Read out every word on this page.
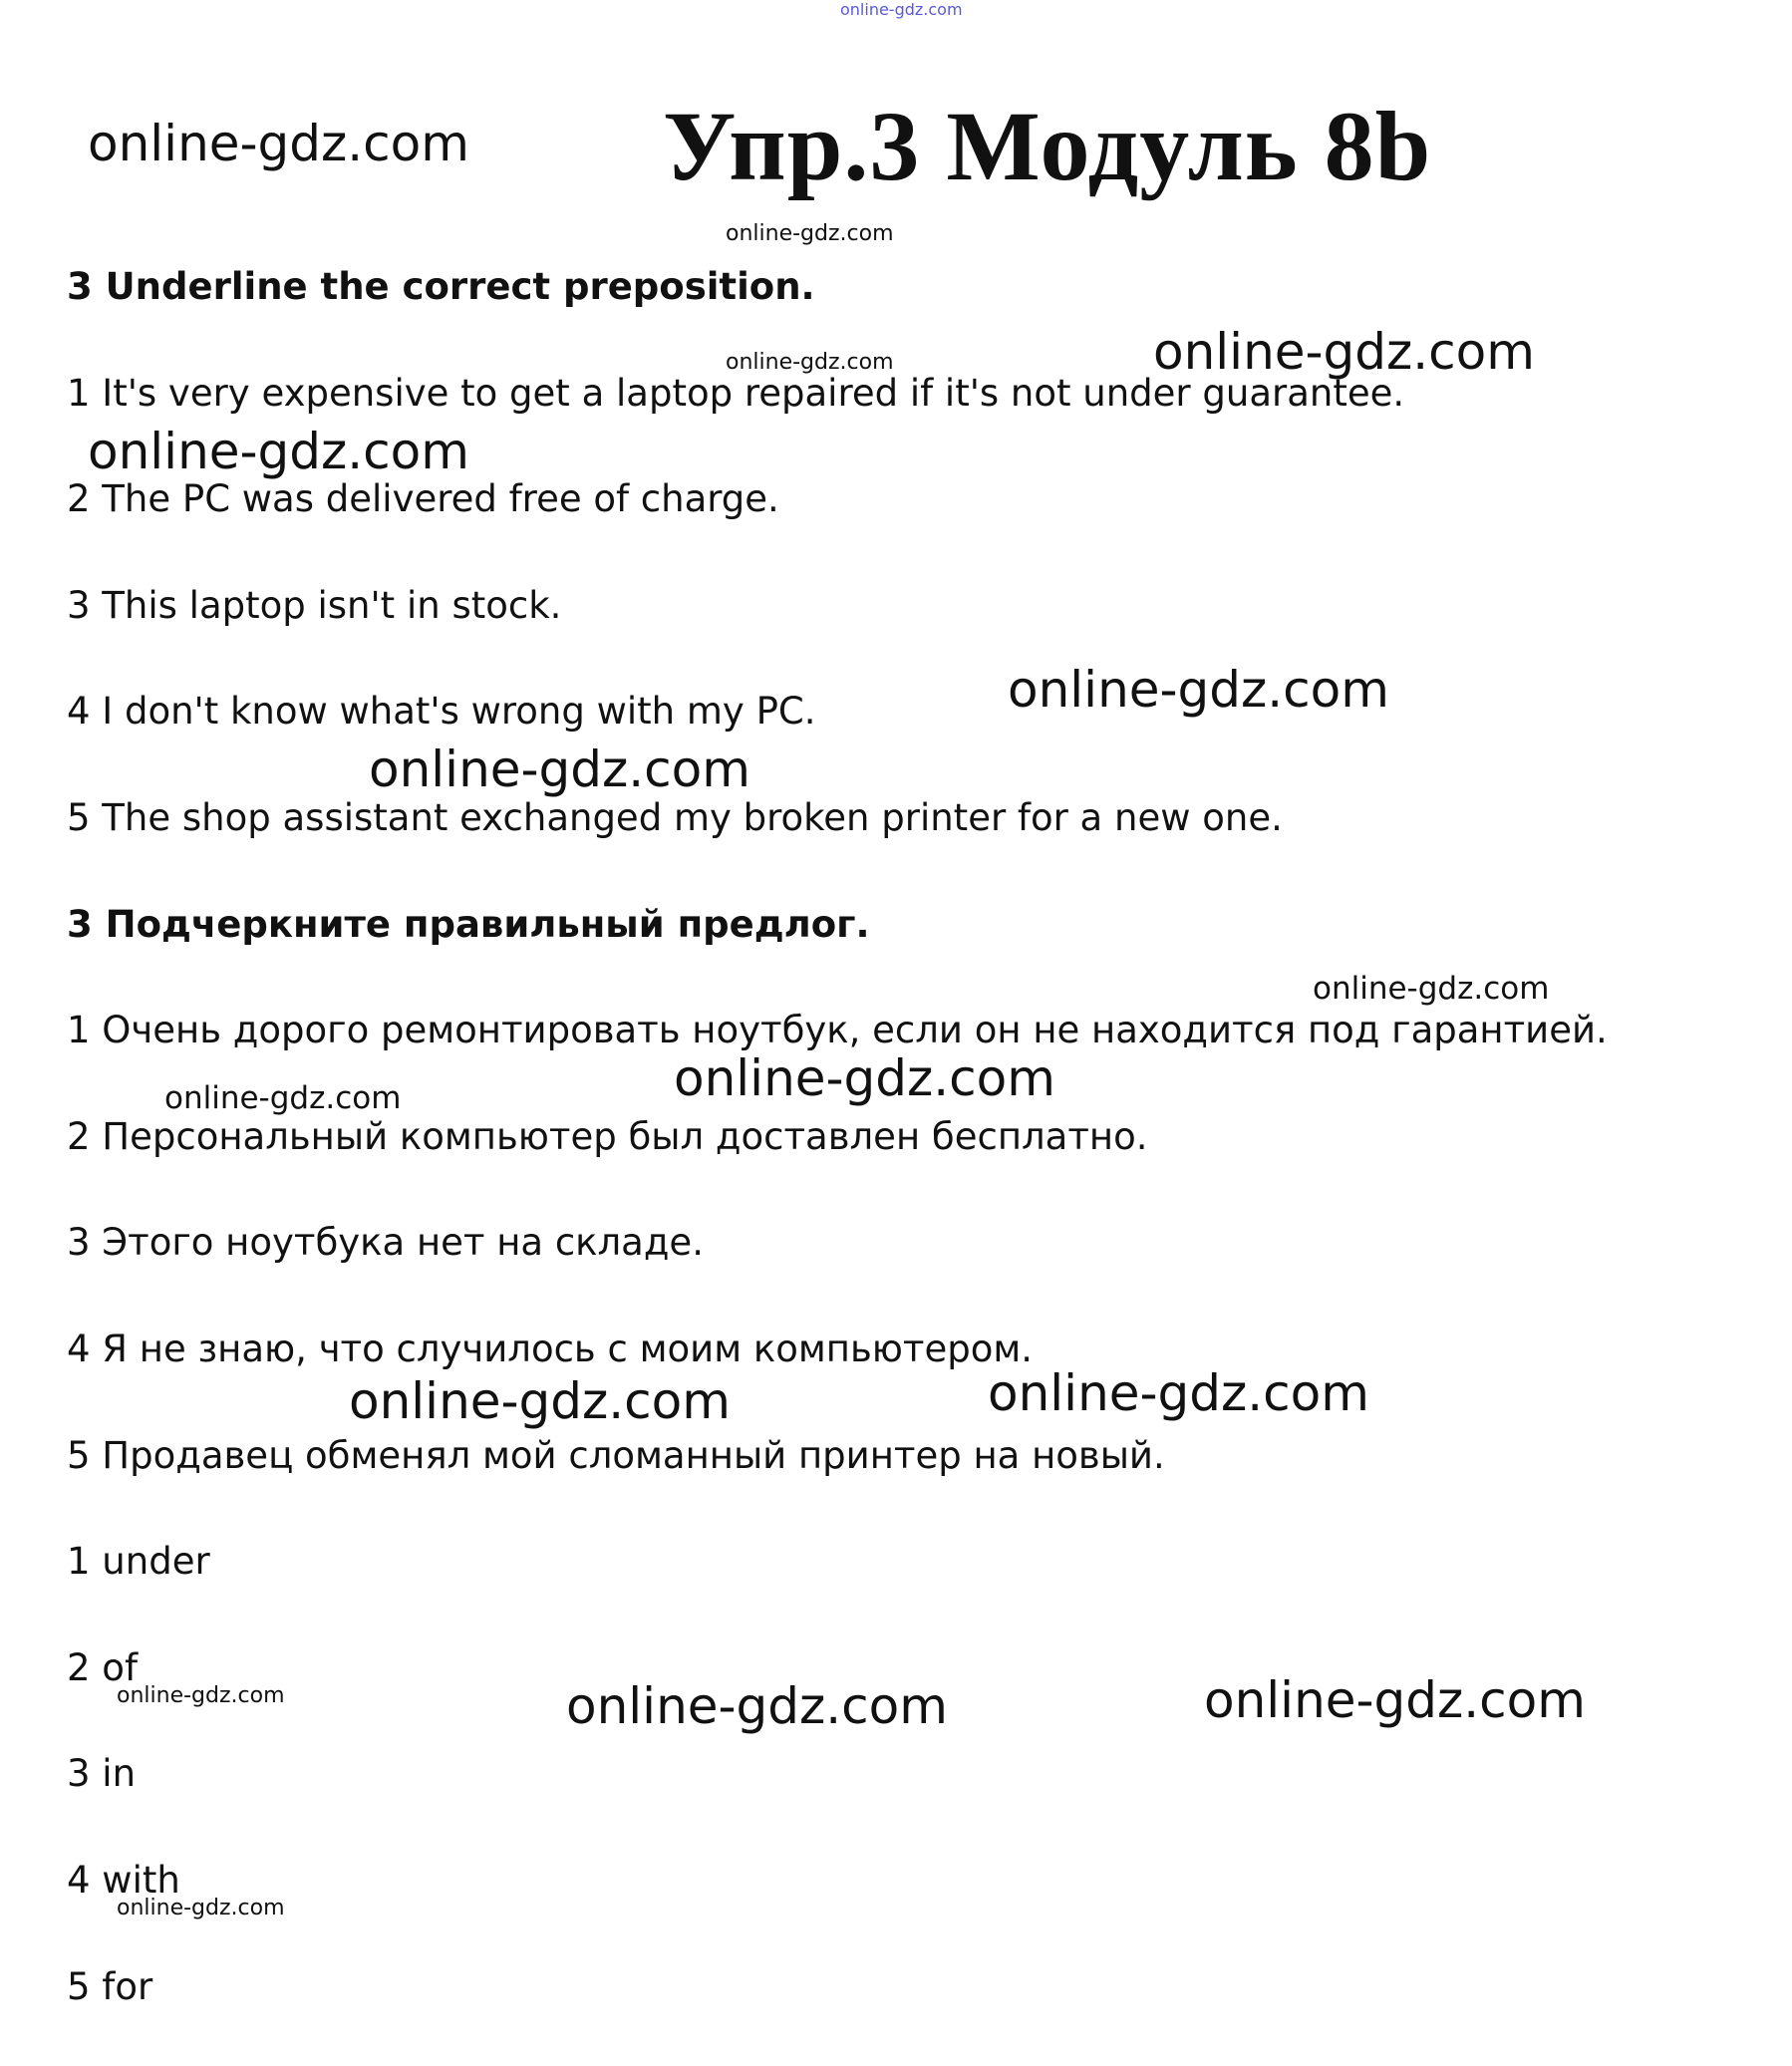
online-gdz.com
Упр.3 Модуль 8b
3 Underline the correct preposition.
1 It's very expensive to get a laptop repaired if it's not under guarantee.
2 The PC was delivered free of charge.
3 This laptop isn't in stock.
4 I don't know what's wrong with my PC.
5 The shop assistant exchanged my broken printer for a new one.
3 Подчеркните правильный предлог.
1 Очень дорого ремонтировать ноутбук, если он не находится под гарантией.
2 Персональный компьютер был доставлен бесплатно.
3 Этого ноутбука нет на складе.
4 Я не знаю, что случилось с моим компьютером.
5 Продавец обменял мой сломанный принтер на новый.
1 under
2 of
3 in
4 with
5 for
online-gdz.com
online-gdz.com
online-gdz.com	online-gdz.com
online-gdz.com
online-gdz.com
online-gdz.com
online-gdz.com
online-gdz.com
online-gdz.com
online-gdz.com	online-gdz.com
online-gdz.com	online-gdz.com	online-gdz.com
online-gdz.com
